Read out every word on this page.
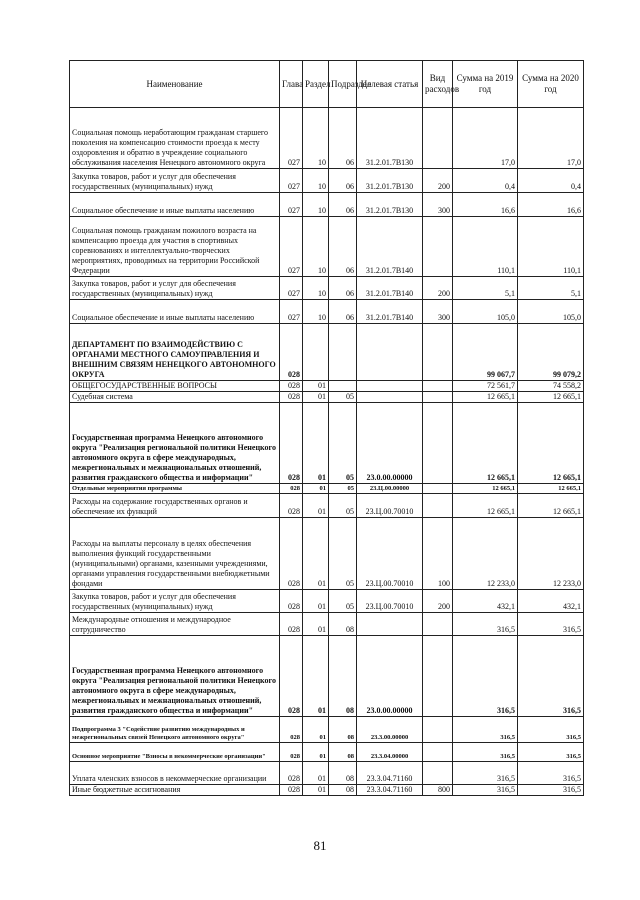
Наименование	Глава	Раздел	Подраздел	Целевая статья	Вид расходов	Сумма на 2019 год	Сумма на 2020 год
Социальная помощь неработающим гражданам старшего поколения на компенсацию стоимости проезда к месту оздоровления и обратно в учреждение социального обслуживания населения Ненецкого автономного округа	027	10	06	31.2.01.7В130		17,0	17,0
Закупка товаров, работ и услуг для обеспечения государственных (муниципальных) нужд	027	10	06	31.2.01.7В130	200	0,4	0,4
Социальное обеспечение и иные выплаты населению	027	10	06	31.2.01.7В130	300	16,6	16,6
Социальная помощь гражданам пожилого возраста на компенсацию проезда для участия в спортивных соревнованиях и интеллектуально-творческих мероприятиях, проводимых на территории Российской Федерации	027	10	06	31.2.01.7В140		110,1	110,1
Закупка товаров, работ и услуг для обеспечения государственных (муниципальных) нужд	027	10	06	31.2.01.7В140	200	5,1	5,1
Социальное обеспечение и иные выплаты населению	027	10	06	31.2.01.7В140	300	105,0	105,0
ДЕПАРТАМЕНТ ПО ВЗАИМОДЕЙСТВИЮ С ОРГАНАМИ МЕСТНОГО САМОУПРАВЛЕНИЯ И ВНЕШНИМ СВЯЗЯМ НЕНЕЦКОГО АВТОНОМНОГО ОКРУГА	028					99 067,7	99 079,2
ОБЩЕГОСУДАРСТВЕННЫЕ ВОПРОСЫ	028	01				72 561,7	74 558,2
Судебная система	028	01	05			12 665,1	12 665,1
Государственная программа Ненецкого автономного округа "Реализация региональной политики Ненецкого автономного округа в сфере международных, межрегиональных и межнациональных отношений, развития гражданского общества и информации"	028	01	05	23.0.00.00000		12 665,1	12 665,1
Отдельные мероприятия программы	028	01	05	23.Ц.00.00000		12 665,1	12 665,1
Расходы на содержание государственных органов и обеспечение их функций	028	01	05	23.Ц.00.70010		12 665,1	12 665,1
Расходы на выплаты персоналу в целях обеспечения выполнения функций государственными (муниципальными) органами, казенными учреждениями, органами управления государственными внебюджетными фондами	028	01	05	23.Ц.00.70010	100	12 233,0	12 233,0
Закупка товаров, работ и услуг для обеспечения государственных (муниципальных) нужд	028	01	05	23.Ц.00.70010	200	432,1	432,1
Международные отношения и международное сотрудничество	028	01	08			316,5	316,5
Государственная программа Ненецкого автономного округа "Реализация региональной политики Ненецкого автономного округа в сфере международных, межрегиональных и межнациональных отношений, развития гражданского общества и информации"	028	01	08	23.0.00.00000		316,5	316,5
Подпрограмма 3 "Содействие развитию международных и межрегиональных связей Ненецкого автономного округа"	028	01	08	23.3.00.00000		316,5	316,5
Основное мероприятие "Взносы в некоммерческие организации"	028	01	08	23.3.04.00000		316,5	316,5
Уплата членских взносов в некоммерческие организации	028	01	08	23.3.04.71160		316,5	316,5
Иные бюджетные ассигнования	028	01	08	23.3.04.71160	800	316,5	316,5
81
